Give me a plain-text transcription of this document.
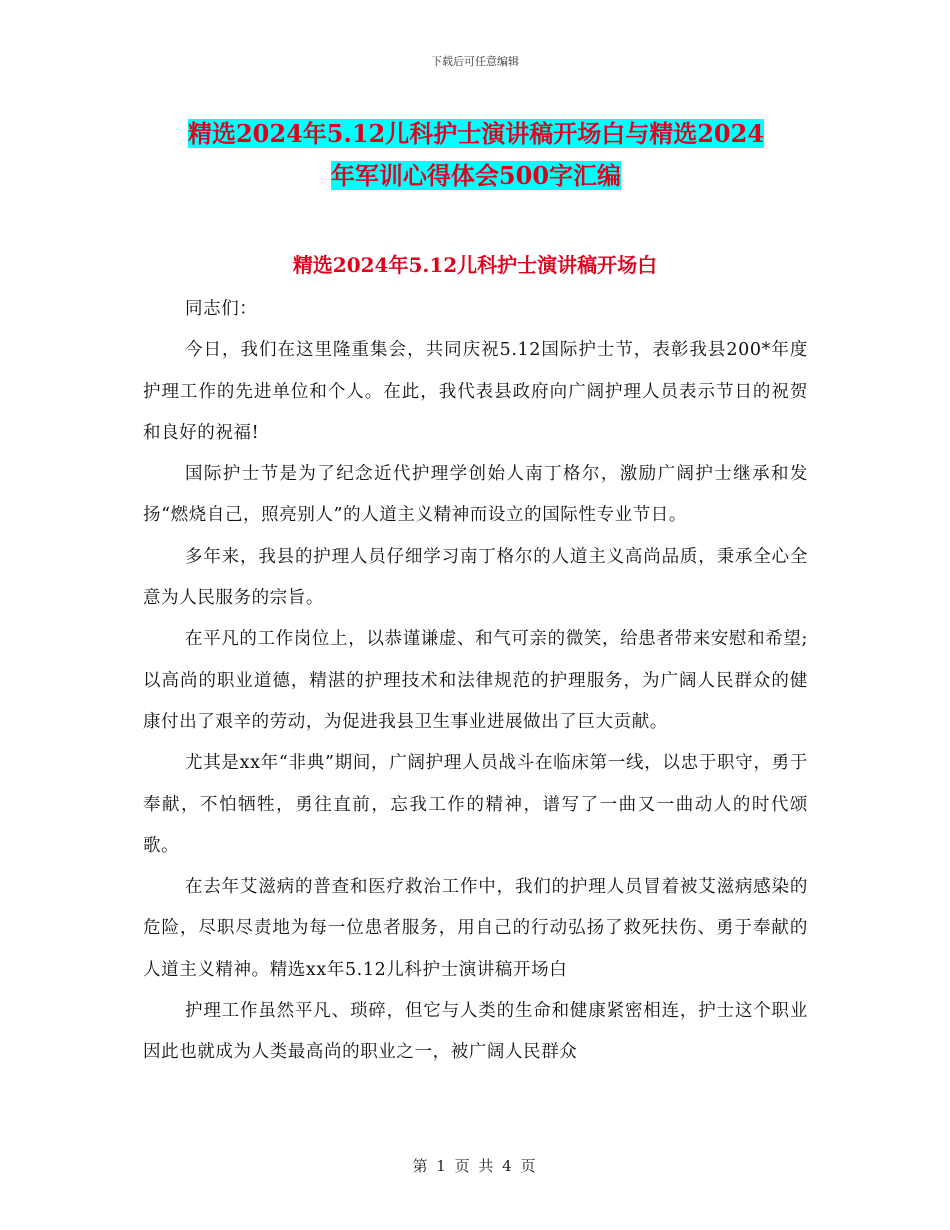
下载后可任意编辑
精选2024年5.12儿科护士演讲稿开场白与精选2024
年军训心得体会500字汇编
精选2024年5.12儿科护士演讲稿开场白

同志们：

今日，我们在这里隆重集会，共同庆祝5.12国际护士节，表彰我县200*年度护理工作的先进单位和个人。在此，我代表县政府向广阔护理人员表示节日的祝贺和良好的祝福!

国际护士节是为了纪念近代护理学创始人南丁格尔，激励广阔护士继承和发扬“燃烧自己，照亮别人”的人道主义精神而设立的国际性专业节日。

多年来，我县的护理人员仔细学习南丁格尔的人道主义高尚品质，秉承全心全意为人民服务的宗旨。

在平凡的工作岗位上，以恭谨谦虚、和气可亲的微笑，给患者带来安慰和希望;以高尚的职业道德，精湛的护理技术和法律规范的护理服务，为广阔人民群众的健康付出了艰辛的劳动，为促进我县卫生事业进展做出了巨大贡献。

尤其是xx年“非典”期间，广阔护理人员战斗在临床第一线，以忠于职守，勇于奉献，不怕牺牲，勇往直前，忘我工作的精神，谱写了一曲又一曲动人的时代颂歌。

在去年艾滋病的普查和医疗救治工作中，我们的护理人员冒着被艾滋病感染的危险，尽职尽责地为每一位患者服务，用自己的行动弘扬了救死扶伤、勇于奉献的人道主义精神。精选xx年5.12儿科护士演讲稿开场白

护理工作虽然平凡、琐碎，但它与人类的生命和健康紧密相连，护士这个职业因此也就成为人类最高尚的职业之一，被广阔人民群众

第 1 页 共 4 页
